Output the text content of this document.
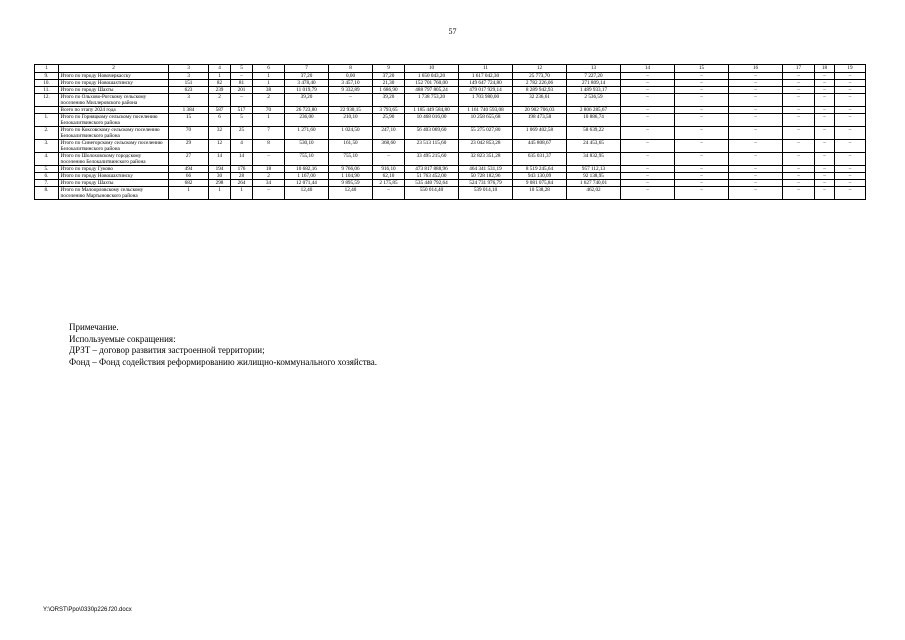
57
1	2	3	4	5	6	7	8	9	10	11	12	13	14	15	16	17	18	19
9.	Итого по городу Новочеркасску	3	1	–	1	37,20	0,00	37,20	1 650 043,20	1 617 042,30	25 773,70	7 227,20	–	–	–	–	–	–
10.	Итого по городу Новошахтинску	151	82	81	1	3 478,40	3 457,10	21,30	152 701 760,00	149 647 724,80	2 782 226,06	271 809,14	–	–	–	–	–	–
11.	Итого по городу Шахты	623	239	201	38	11 019,79	9 332,89	1 686,90	488 797 805,24	479 017 929,14	8 289 942,93	1 489 933,17	–	–	–	–	–	–
12.	Итого по Ольхово-Рогскому сельскому поселению Миллеровского района	3	2	–	2	39,20	–	39,20	1 738 753,20	1 703 980,00	32 236,61	2 536,59	–	–	–	–	–	–
	Всего по этапу 2024 года	1 384	587	517	70	26 723,80	22 930,15	3 793,65	1 185 449 584,80	1 161 740 593,08	20 902 706,03	2 806 285,67	–	–	–	–	–	–
1.	Итого по Горняцкому сельскому поселению Белокалитвинского района	15	6	5	1	236,00	210,10	25,90	10 468 016,00	10 258 655,68	198 473,58	10 886,74	–	–	–	–	–	–
2.	Итого по Коксовскому сельскому поселению Белокалитвинского района	70	32	25	7	1 271,60	1 024,50	247,10	56 403 069,60	55 275 027,80	1 069 402,58	58 639,22	–	–	–	–	–	–
3.	Итого по Синегорскому сельскому поселению Белокалитвинского района	29	12	4	8	530,10	161,50	368,60	23 513 115,60	23 042 853,28	445 808,67	24 453,65	–	–	–	–	–	–
4.	Итого по Шолоховскому городскому поселению Белокалитвинского района	27	14	14	–	755,10	755,10	–	33 495 215,60	32 823 351,28	635 031,37	34 832,95	–	–	–	–	–	–
5.	Итого по городу Гуково	494	194	176	18	10 682,16	9 766,06	916,10	473 817 888,96	464 341 531,19	8 519 245,64	957 112,13	–	–	–	–	–	–
6.	Итого по городу Новошахтинску	66	30	28	2	1 167,00	1 104,90	62,10	51 763 452,00	50 728 182,96	943 130,09	92 138,95	–	–	–	–	–	–
7.	Итого по городу Шахты	682	298	264	34	12 071,44	9 895,59	2 175,85	535 440 792,64	524 731 976,79	9 081 075,84	1 627 740,01	–	–	–	–	–	–
8.	Итого по Малоорловскому сельскому поселению Мартыновского района	1	1	1	–	12,40	12,40	–	550 014,40	539 014,10	10 538,28	462,02	–	–	–	–	–	–
Примечание.
Используемые сокращения:
ДРЗТ – договор развития застроенной территории;
Фонд – Фонд содействия реформированию жилищно-коммунального хозяйства.
Y:\ORST\Ppo\0330p226.f20.docx
